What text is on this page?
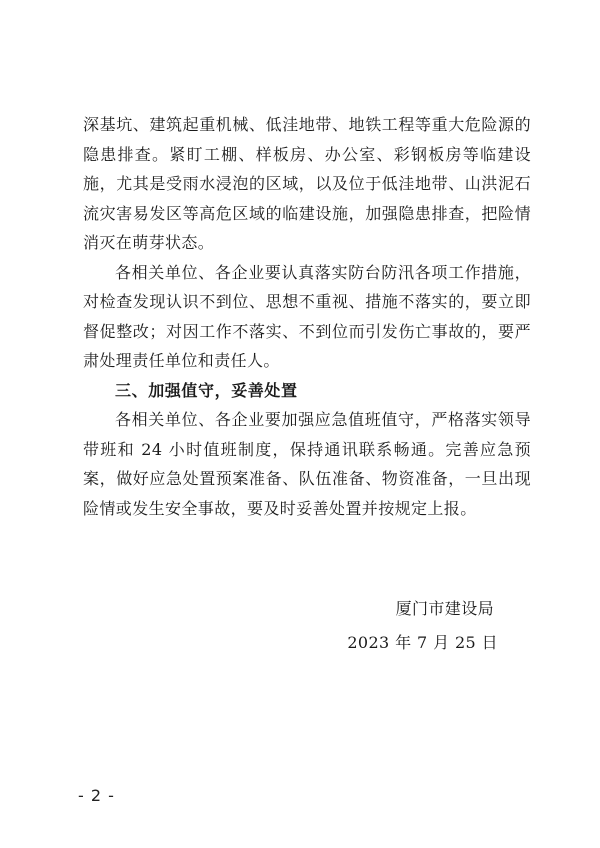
深基坑、建筑起重机械、低洼地带、地铁工程等重大危险源的隐患排查。紧盯工棚、样板房、办公室、彩钢板房等临建设施，尤其是受雨水浸泡的区域，以及位于低洼地带、山洪泥石流灾害易发区等高危区域的临建设施，加强隐患排查，把险情消灭在萌芽状态。

各相关单位、各企业要认真落实防台防汛各项工作措施，对检查发现认识不到位、思想不重视、措施不落实的，要立即督促整改；对因工作不落实、不到位而引发伤亡事故的，要严肃处理责任单位和责任人。

三、加强值守，妥善处置

各相关单位、各企业要加强应急值班值守，严格落实领导带班和 24 小时值班制度，保持通讯联系畅通。完善应急预案，做好应急处置预案准备、队伍准备、物资准备，一旦出现险情或发生安全事故，要及时妥善处置并按规定上报。

厦门市建设局
2023 年 7 月 25 日
- 2 -
